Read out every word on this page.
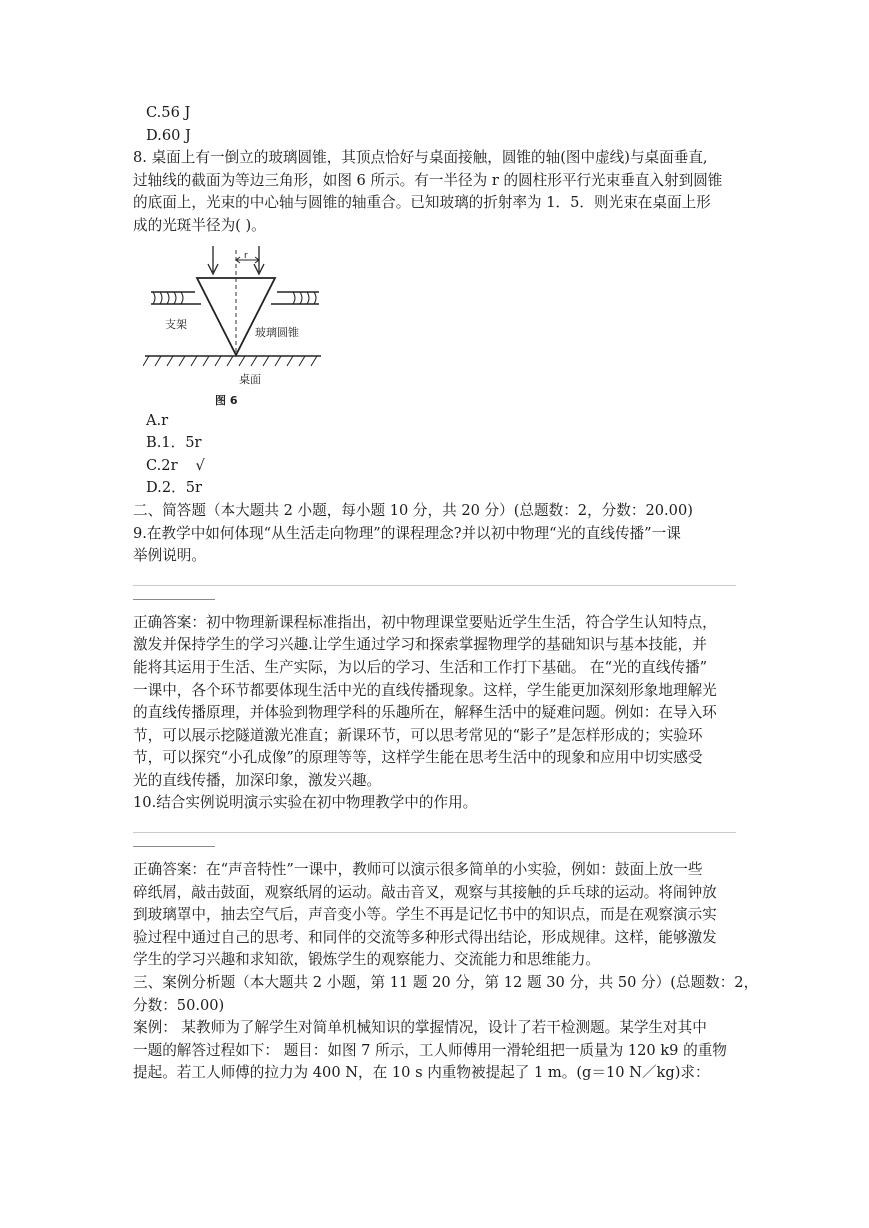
C.56 J
D.60 J
8. 桌面上有一倒立的玻璃圆锥，其顶点恰好与桌面接触，圆锥的轴(图中虚线)与桌面垂直,
过轴线的截面为等边三角形，如图 6 所示。有一半径为 r 的圆柱形平行光束垂直入射到圆锥
的底面上，光束的中心轴与圆锥的轴重合。已知玻璃的折射率为 1．5．则光束在桌面上形
成的光斑半径为( )。
r
支架
玻璃圆锥
桌面
图 6
A.r
B.1．5r
C.2r √
D.2．5r
二、简答题（本大题共 2 小题，每小题 10 分，共 20 分）(总题数：2，分数：20.00)
9.在教学中如何体现“从生活走向物理”的课程理念?并以初中物理“光的直线传播”一课
举例说明。
正确答案：初中物理新课程标准指出，初中物理课堂要贴近学生生活，符合学生认知特点，
激发并保持学生的学习兴趣.让学生通过学习和探索掌握物理学的基础知识与基本技能，并
能将其运用于生活、生产实际，为以后的学习、生活和工作打下基础。 在“光的直线传播”
一课中，各个环节都要体现生活中光的直线传播现象。这样，学生能更加深刻形象地理解光
的直线传播原理，并体验到物理学科的乐趣所在，解释生活中的疑难问题。例如：在导入环
节，可以展示挖隧道激光准直；新课环节，可以思考常见的“影子”是怎样形成的；实验环
节，可以探究“小孔成像”的原理等等，这样学生能在思考生活中的现象和应用中切实感受
光的直线传播，加深印象，激发兴趣。
10.结合实例说明演示实验在初中物理教学中的作用。
正确答案：在“声音特性”一课中，教师可以演示很多简单的小实验，例如：鼓面上放一些
碎纸屑，敲击鼓面，观察纸屑的运动。敲击音叉，观察与其接触的乒乓球的运动。将闹钟放
到玻璃罩中，抽去空气后，声音变小等。学生不再是记忆书中的知识点，而是在观察演示实
验过程中通过自己的思考、和同伴的交流等多种形式得出结论，形成规律。这样，能够激发
学生的学习兴趣和求知欲，锻炼学生的观察能力、交流能力和思维能力。
三、案例分析题（本大题共 2 小题，第 11 题 20 分，第 12 题 30 分，共 50 分）(总题数：2，
分数：50.00)
案例： 某教师为了解学生对简单机械知识的掌握情况，设计了若干检测题。某学生对其中
一题的解答过程如下： 题目：如图 7 所示，工人师傅用一滑轮组把一质量为 120 k9 的重物
提起。若工人师傅的拉力为 400 N，在 10 s 内重物被提起了 1 m。(g＝10 N／kg)求：
